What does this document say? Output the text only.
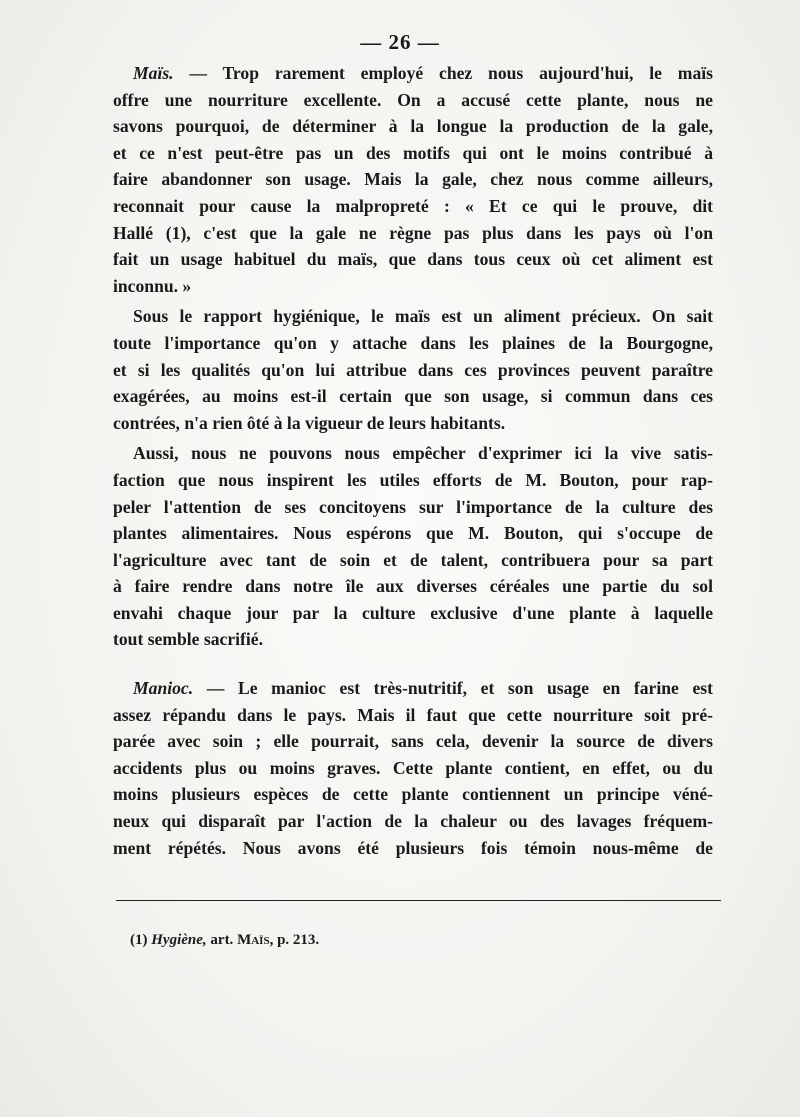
— 26 —
Maïs. — Trop rarement employé chez nous aujourd'hui, le maïs
offre une nourriture excellente. On a accusé cette plante, nous ne
savons pourquoi, de déterminer à la longue la production de la gale,
et ce n'est peut-être pas un des motifs qui ont le moins contribué à
faire abandonner son usage. Mais la gale, chez nous comme ailleurs,
reconnait pour cause la malpropreté : « Et ce qui le prouve, dit
Hallé (1), c'est que la gale ne règne pas plus dans les pays où l'on
fait un usage habituel du maïs, que dans tous ceux où cet aliment est
inconnu. »
Sous le rapport hygiénique, le maïs est un aliment précieux. On sait
toute l'importance qu'on y attache dans les plaines de la Bourgogne,
et si les qualités qu'on lui attribue dans ces provinces peuvent paraître
exagérées, au moins est-il certain que son usage, si commun dans ces
contrées, n'a rien ôté à la vigueur de leurs habitants.
Aussi, nous ne pouvons nous empêcher d'exprimer ici la vive satis-
faction que nous inspirent les utiles efforts de M. Bouton, pour rap-
peler l'attention de ses concitoyens sur l'importance de la culture des
plantes alimentaires. Nous espérons que M. Bouton, qui s'occupe de
l'agriculture avec tant de soin et de talent, contribuera pour sa part
à faire rendre dans notre île aux diverses céréales une partie du sol
envahi chaque jour par la culture exclusive d'une plante à laquelle
tout semble sacrifié.
Manioc. — Le manioc est très-nutritif, et son usage en farine est
assez répandu dans le pays. Mais il faut que cette nourriture soit pré-
parée avec soin ; elle pourrait, sans cela, devenir la source de divers
accidents plus ou moins graves. Cette plante contient, en effet, ou du
moins plusieurs espèces de cette plante contiennent un principe véné-
neux qui disparaît par l'action de la chaleur ou des lavages fréquem-
ment répétés. Nous avons été plusieurs fois témoin nous-même de
(1) Hygiène, art. Maïs, p. 213.
